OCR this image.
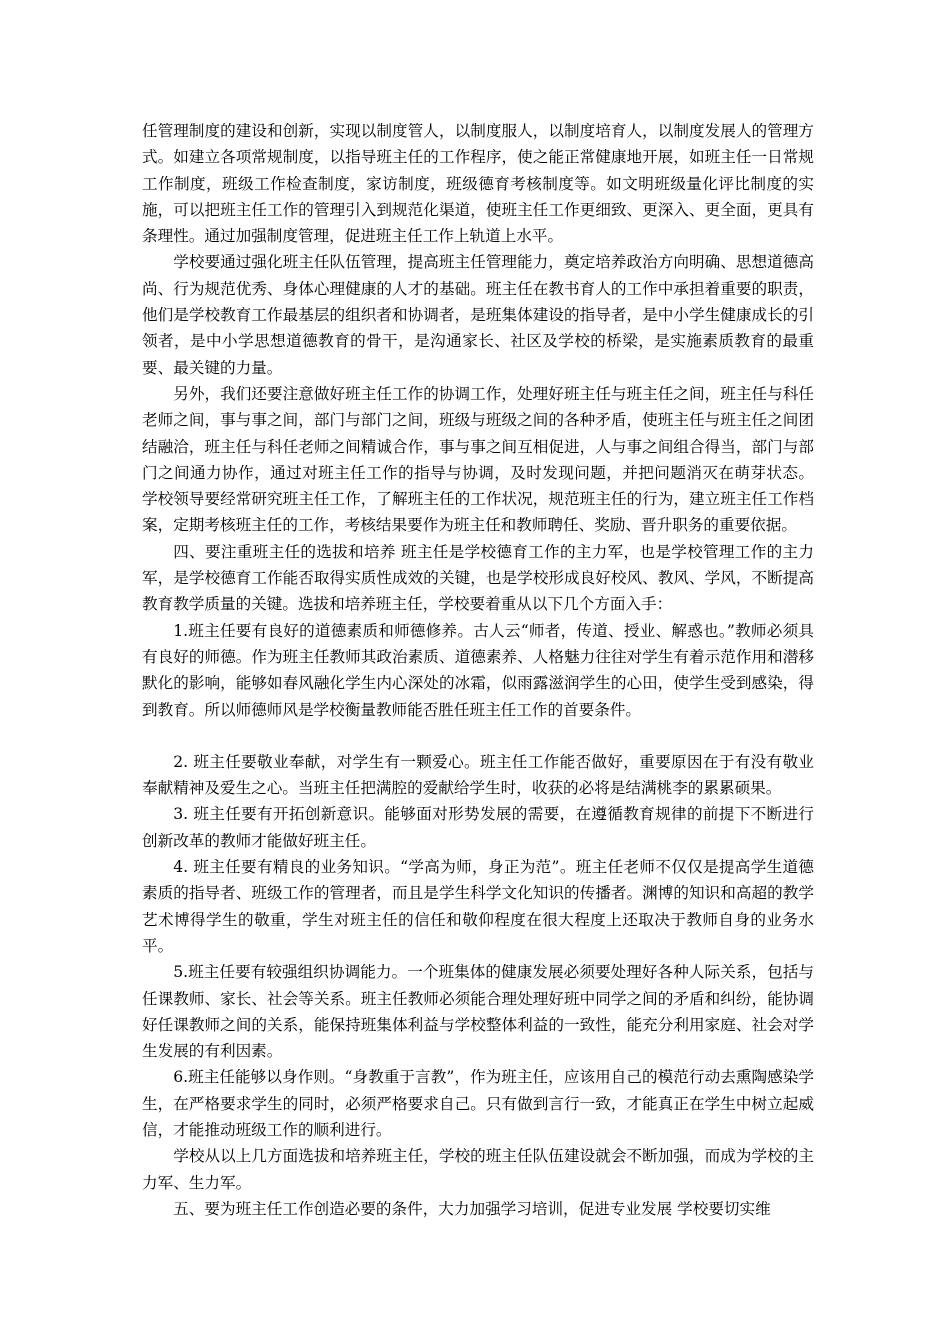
任管理制度的建设和创新，实现以制度管人，以制度服人，以制度培育人，以制度发展人的管理方式。如建立各项常规制度，以指导班主任的工作程序，使之能正常健康地开展，如班主任一日常规工作制度，班级工作检查制度，家访制度，班级德育考核制度等。如文明班级量化评比制度的实施，可以把班主任工作的管理引入到规范化渠道，使班主任工作更细致、更深入、更全面，更具有条理性。通过加强制度管理，促进班主任工作上轨道上水平。

学校要通过强化班主任队伍管理，提高班主任管理能力，奠定培养政治方向明确、思想道德高尚、行为规范优秀、身体心理健康的人才的基础。班主任在教书育人的工作中承担着重要的职责，他们是学校教育工作最基层的组织者和协调者，是班集体建设的指导者，是中小学生健康成长的引领者，是中小学思想道德教育的骨干，是沟通家长、社区及学校的桥梁，是实施素质教育的最重要、最关键的力量。

另外，我们还要注意做好班主任工作的协调工作，处理好班主任与班主任之间，班主任与科任老师之间，事与事之间，部门与部门之间，班级与班级之间的各种矛盾，使班主任与班主任之间团结融洽，班主任与科任老师之间精诚合作，事与事之间互相促进，人与事之间组合得当，部门与部门之间通力协作，通过对班主任工作的指导与协调，及时发现问题，并把问题消灭在萌芽状态。 学校领导要经常研究班主任工作，了解班主任的工作状况，规范班主任的行为，建立班主任工作档案，定期考核班主任的工作，考核结果要作为班主任和教师聘任、奖励、晋升职务的重要依据。

四、要注重班主任的选拔和培养 班主任是学校德育工作的主力军，也是学校管理工作的主力军，是学校德育工作能否取得实质性成效的关键，也是学校形成良好校风、教风、学风，不断提高教育教学质量的关键。选拔和培养班主任，学校要着重从以下几个方面入手：

1.班主任要有良好的道德素质和师德修养。古人云“师者，传道、授业、解惑也。”教师必须具有良好的师德。作为班主任教师其政治素质、道德素养、人格魅力往往对学生有着示范作用和潜移默化的影响，能够如春风融化学生内心深处的冰霜，似雨露滋润学生的心田，使学生受到感染，得到教育。所以师德师风是学校衡量教师能否胜任班主任工作的首要条件。

2. 班主任要敬业奉献，对学生有一颗爱心。班主任工作能否做好，重要原因在于有没有敬业奉献精神及爱生之心。当班主任把满腔的爱献给学生时，收获的必将是结满桃李的累累硕果。

3. 班主任要有开拓创新意识。能够面对形势发展的需要，在遵循教育规律的前提下不断进行创新改革的教师才能做好班主任。

4. 班主任要有精良的业务知识。“学高为师，身正为范”。班主任老师不仅仅是提高学生道德素质的指导者、班级工作的管理者，而且是学生科学文化知识的传播者。渊博的知识和高超的教学艺术博得学生的敬重，学生对班主任的信任和敬仰程度在很大程度上还取决于教师自身的业务水平。

5.班主任要有较强组织协调能力。一个班集体的健康发展必须要处理好各种人际关系，包括与任课教师、家长、社会等关系。班主任教师必须能合理处理好班中同学之间的矛盾和纠纷，能协调好任课教师之间的关系，能保持班集体利益与学校整体利益的一致性，能充分利用家庭、社会对学生发展的有利因素。

6.班主任能够以身作则。“身教重于言教”，作为班主任，应该用自己的模范行动去熏陶感染学生，在严格要求学生的同时，必须严格要求自己。只有做到言行一致，才能真正在学生中树立起威信，才能推动班级工作的顺利进行。

学校从以上几方面选拔和培养班主任，学校的班主任队伍建设就会不断加强，而成为学校的主力军、生力军。

五、要为班主任工作创造必要的条件，大力加强学习培训，促进专业发展 学校要切实维
